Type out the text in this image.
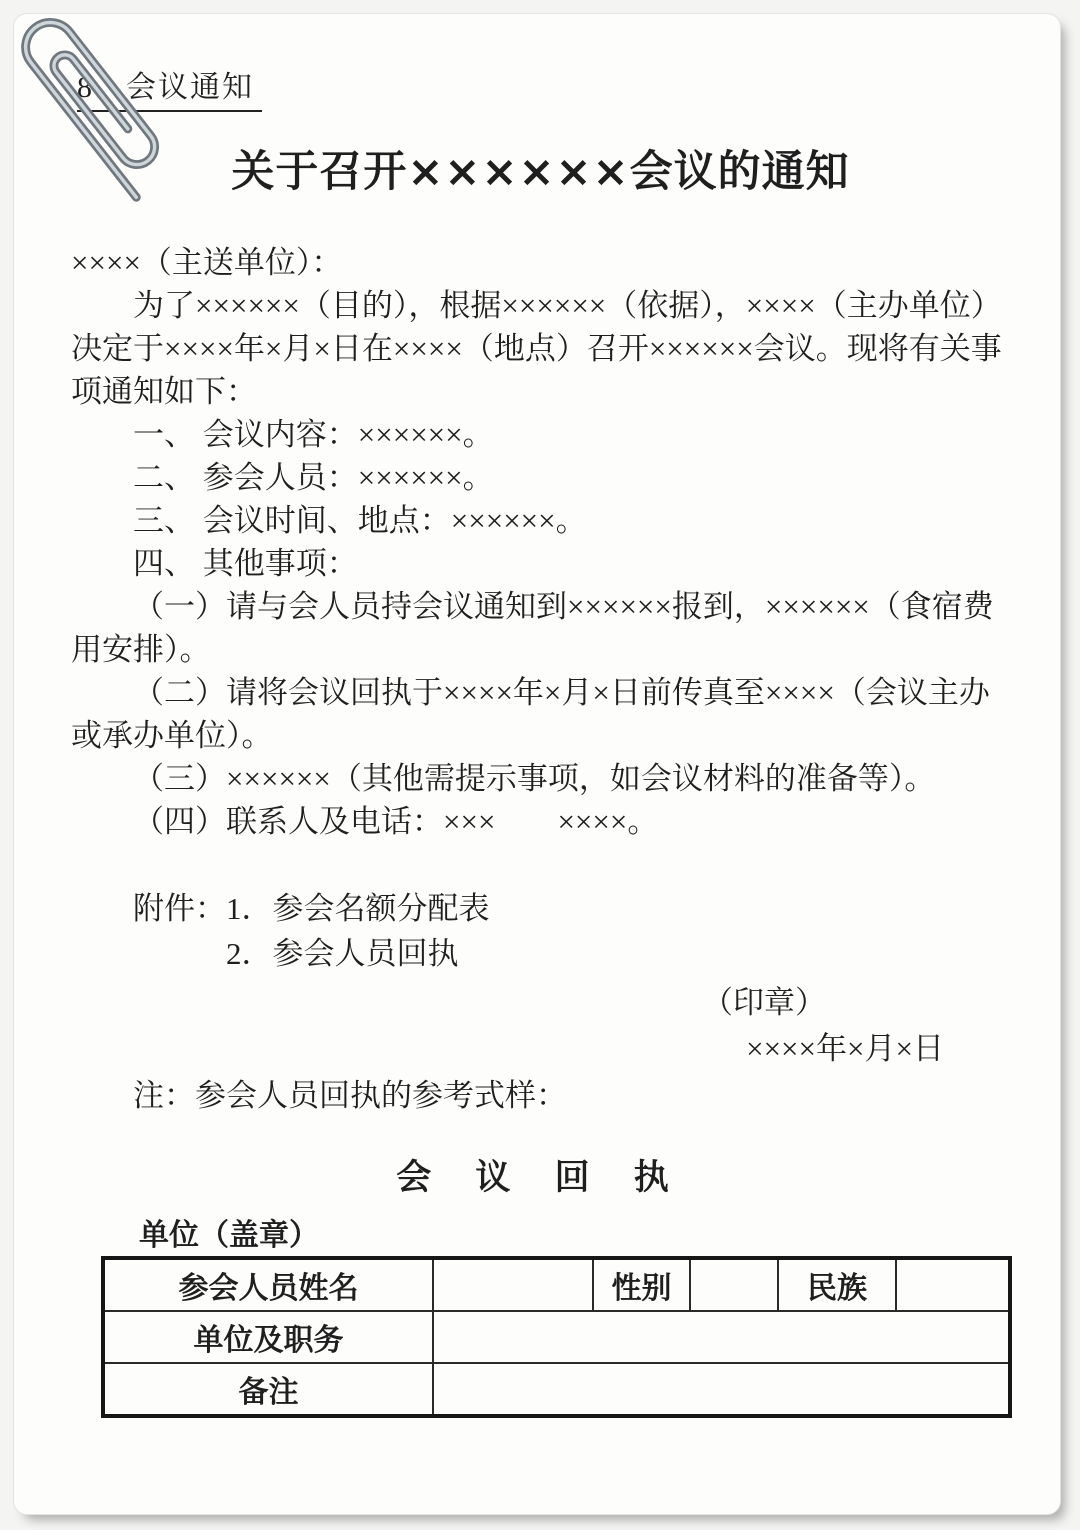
8．会议通知
关于召开××××××会议的通知

××××（主送单位）：

为了××××××（目的），根据××××××（依据），××××（主办单位）决定于××××年×月×日在××××（地点）召开××××××会议。现将有关事项通知如下：

一、 会议内容：××××××。

二、 参会人员：××××××。

三、 会议时间、地点：××××××。

四、 其他事项：

（一）请与会人员持会议通知到××××××报到，××××××（食宿费用安排）。

（二）请将会议回执于××××年×月×日前传真至××××（会议主办或承办单位）。

（三）××××××（其他需提示事项，如会议材料的准备等）。

（四）联系人及电话：×××　　××××。

附件： 1．参会名额分配表
2．参会人员回执
（印章）
××××年×月×日
注：参会人员回执的参考式样：
会 议 回 执
单位（盖章）
参会人员姓名		性别		民族	
单位及职务					
备注					
